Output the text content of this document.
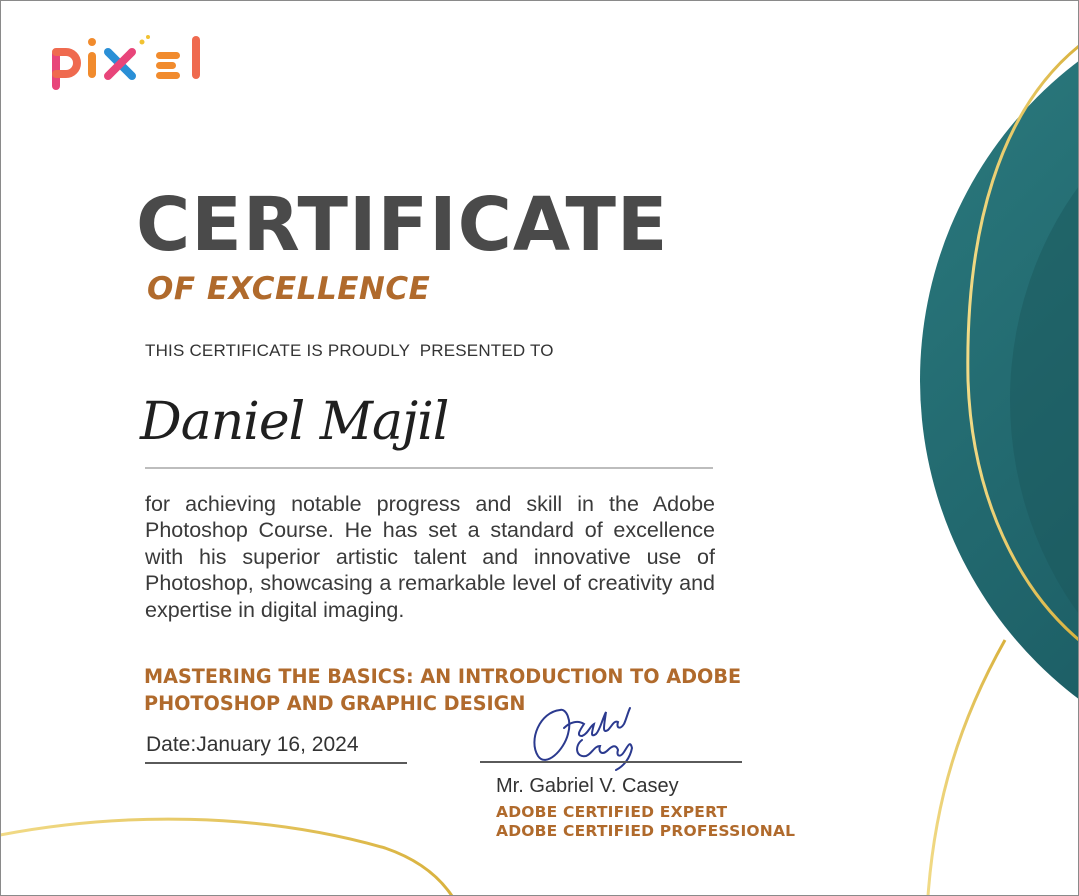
CERTIFICATE
OF EXCELLENCE
THIS CERTIFICATE IS PROUDLY  PRESENTED TO
Daniel Majil

for achieving notable progress and skill in the Adobe Photoshop Course. He has set a standard of excellence with his superior artistic talent and innovative use of Photoshop, showcasing a remarkable level of creativity and expertise in digital imaging.

MASTERING THE BASICS: AN INTRODUCTION TO ADOBE PHOTOSHOP AND GRAPHIC DESIGN

Date:January 16, 2024
Mr. Gabriel V. Casey
ADOBE CERTIFIED EXPERT
ADOBE CERTIFIED PROFESSIONAL
